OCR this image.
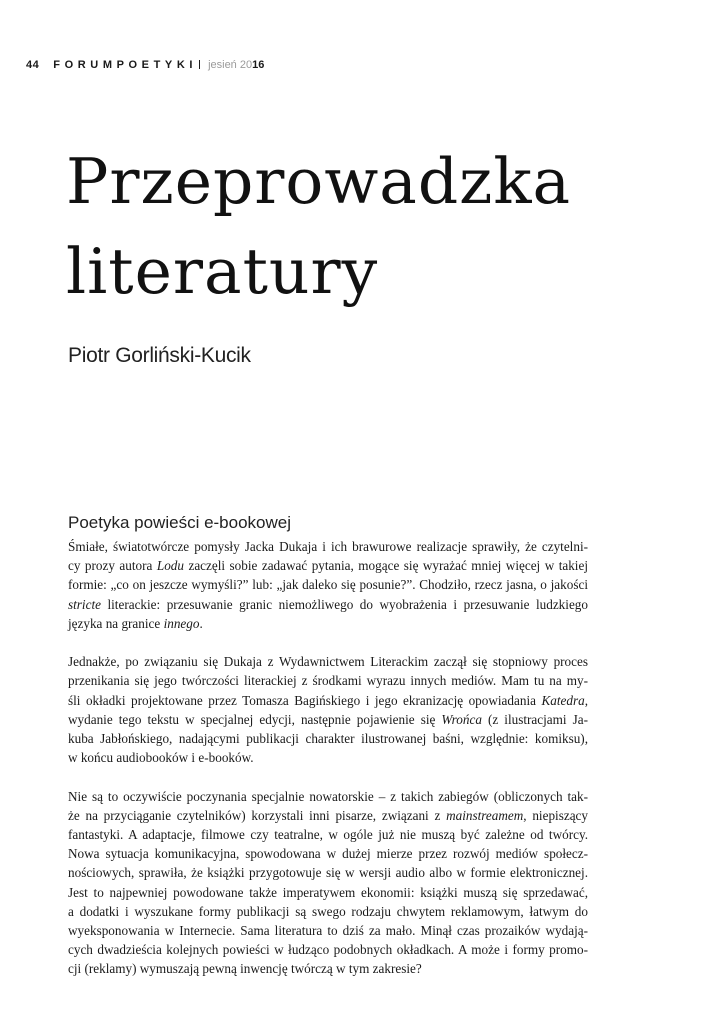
44 FORUMPOETYKI	jesień 2016
Przeprowadzka
literatury

Piotr Gorliński-Kucik

Poetyka powieści e-bookowej

Śmiałe, światotwórcze pomysły Jacka Dukaja i ich brawurowe realizacje sprawiły, że czytelni-
cy prozy autora Lodu zaczęli sobie zadawać pytania, mogące się wyrażać mniej więcej w takiej
formie: „co on jeszcze wymyśli?” lub: „jak daleko się posunie?”. Chodziło, rzecz jasna, o jakości
stricte literackie: przesuwanie granic niemożliwego do wyobrażenia i przesuwanie ludzkiego
języka na granice innego.

Jednakże, po związaniu się Dukaja z Wydawnictwem Literackim zaczął się stopniowy proces
przenikania się jego twórczości literackiej z środkami wyrazu innych mediów. Mam tu na my-
śli okładki projektowane przez Tomasza Bagińskiego i jego ekranizację opowiadania Katedra,
wydanie tego tekstu w specjalnej edycji, następnie pojawienie się Wrońca (z ilustracjami Ja-
kuba Jabłońskiego, nadającymi publikacji charakter ilustrowanej baśni, względnie: komiksu),
w końcu audiobooków i e-booków.

Nie są to oczywiście poczynania specjalnie nowatorskie – z takich zabiegów (obliczonych tak-
że na przyciąganie czytelników) korzystali inni pisarze, związani z mainstreamem, niepiszący
fantastyki. A adaptacje, filmowe czy teatralne, w ogóle już nie muszą być zależne od twórcy.
Nowa sytuacja komunikacyjna, spowodowana w dużej mierze przez rozwój mediów społecz-
nościowych, sprawiła, że książki przygotowuje się w wersji audio albo w formie elektronicznej.
Jest to najpewniej powodowane także imperatywem ekonomii: książki muszą się sprzedawać,
a dodatki i wyszukane formy publikacji są swego rodzaju chwytem reklamowym, łatwym do
wyeksponowania w Internecie. Sama literatura to dziś za mało. Minął czas prozaików wydają-
cych dwadzieścia kolejnych powieści w łudząco podobnych okładkach. A może i formy promo-
cji (reklamy) wymuszają pewną inwencję twórczą w tym zakresie?
